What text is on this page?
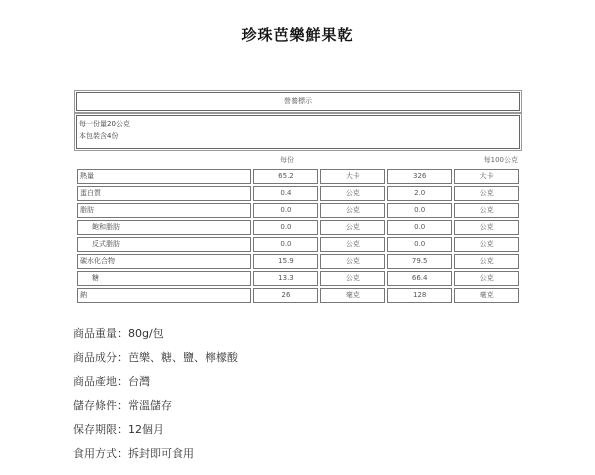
珍珠芭樂鮮果乾
營養標示
每一份量20公克
本包裝含4份
每份	每100公克
熱量	65.2	大卡	326	大卡
蛋白質	0.4	公克	2.0	公克
脂肪	0.0	公克	0.0	公克
飽和脂肪	0.0	公克	0.0	公克
反式脂肪	0.0	公克	0.0	公克
碳水化合物	15.9	公克	79.5	公克
糖	13.3	公克	66.4	公克
鈉	26	毫克	128	毫克
商品重量：80g/包
商品成分：芭樂、糖、鹽、檸檬酸
商品產地：台灣
儲存條件：常溫儲存
保存期限：12個月
食用方式：拆封即可食用
